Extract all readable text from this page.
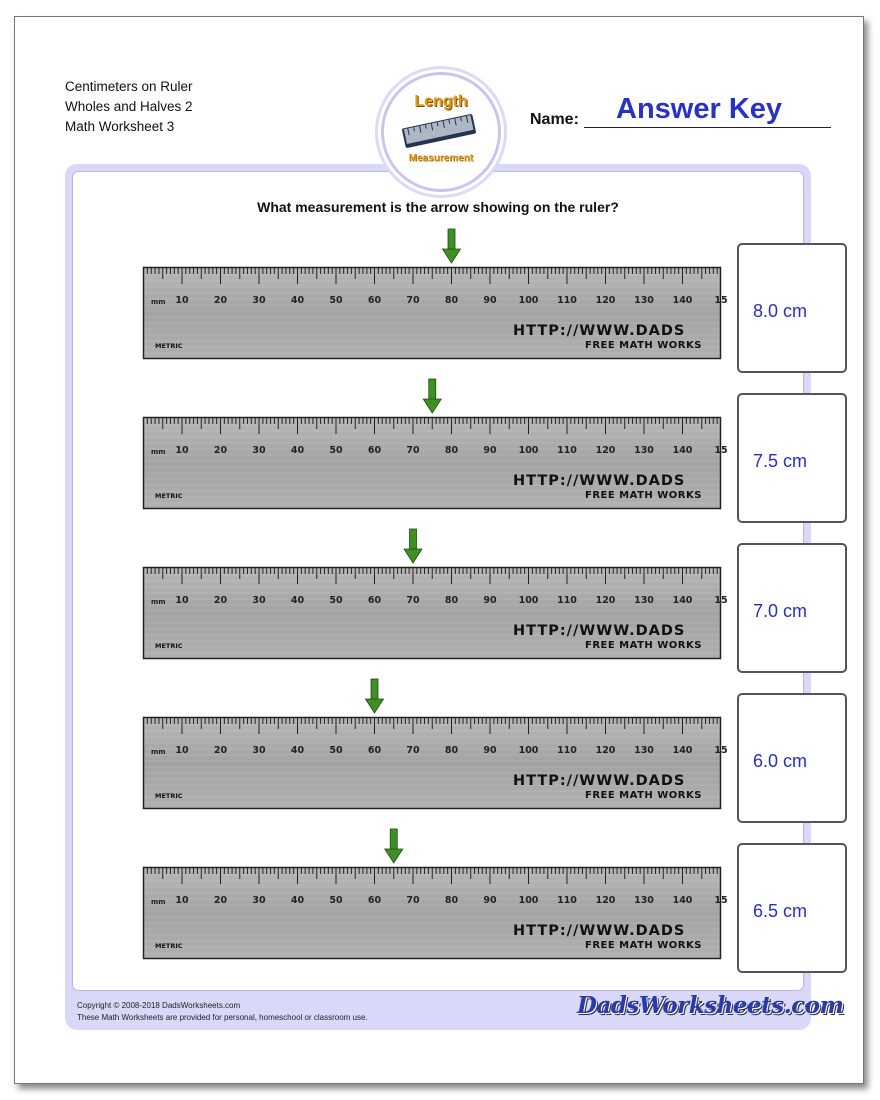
Centimeters on Ruler
Wholes and Halves 2
Math Worksheet 3
Length
Measurement
Name: Answer Key
What measurement is the arrow showing on the ruler?
mm 10	20	30	40	50	60	70	80	90 100 110 120 130 140 15
HTTP://WWW.DADS
FREE MATH WORKS
METRIC
8.0 cm
mm 10	20	30	40	50	60	70	80	90 100 110 120 130 140 15
HTTP://WWW.DADS
FREE MATH WORKS
METRIC
7.5 cm
mm 10	20	30	40	50	60	70	80	90 100 110 120 130 140 15
HTTP://WWW.DADS
FREE MATH WORKS
METRIC
7.0 cm
mm 10	20	30	40	50	60	70	80	90 100 110 120 130 140 15
HTTP://WWW.DADS
FREE MATH WORKS
METRIC
6.0 cm
mm 10	20	30	40	50	60	70	80	90 100 110 120 130 140 15
HTTP://WWW.DADS
FREE MATH WORKS
METRIC
6.5 cm
Copyright © 2008-2018 DadsWorksheets.com
These Math Worksheets are provided for personal, homeschool or classroom use.	DadsWorksheets.com
